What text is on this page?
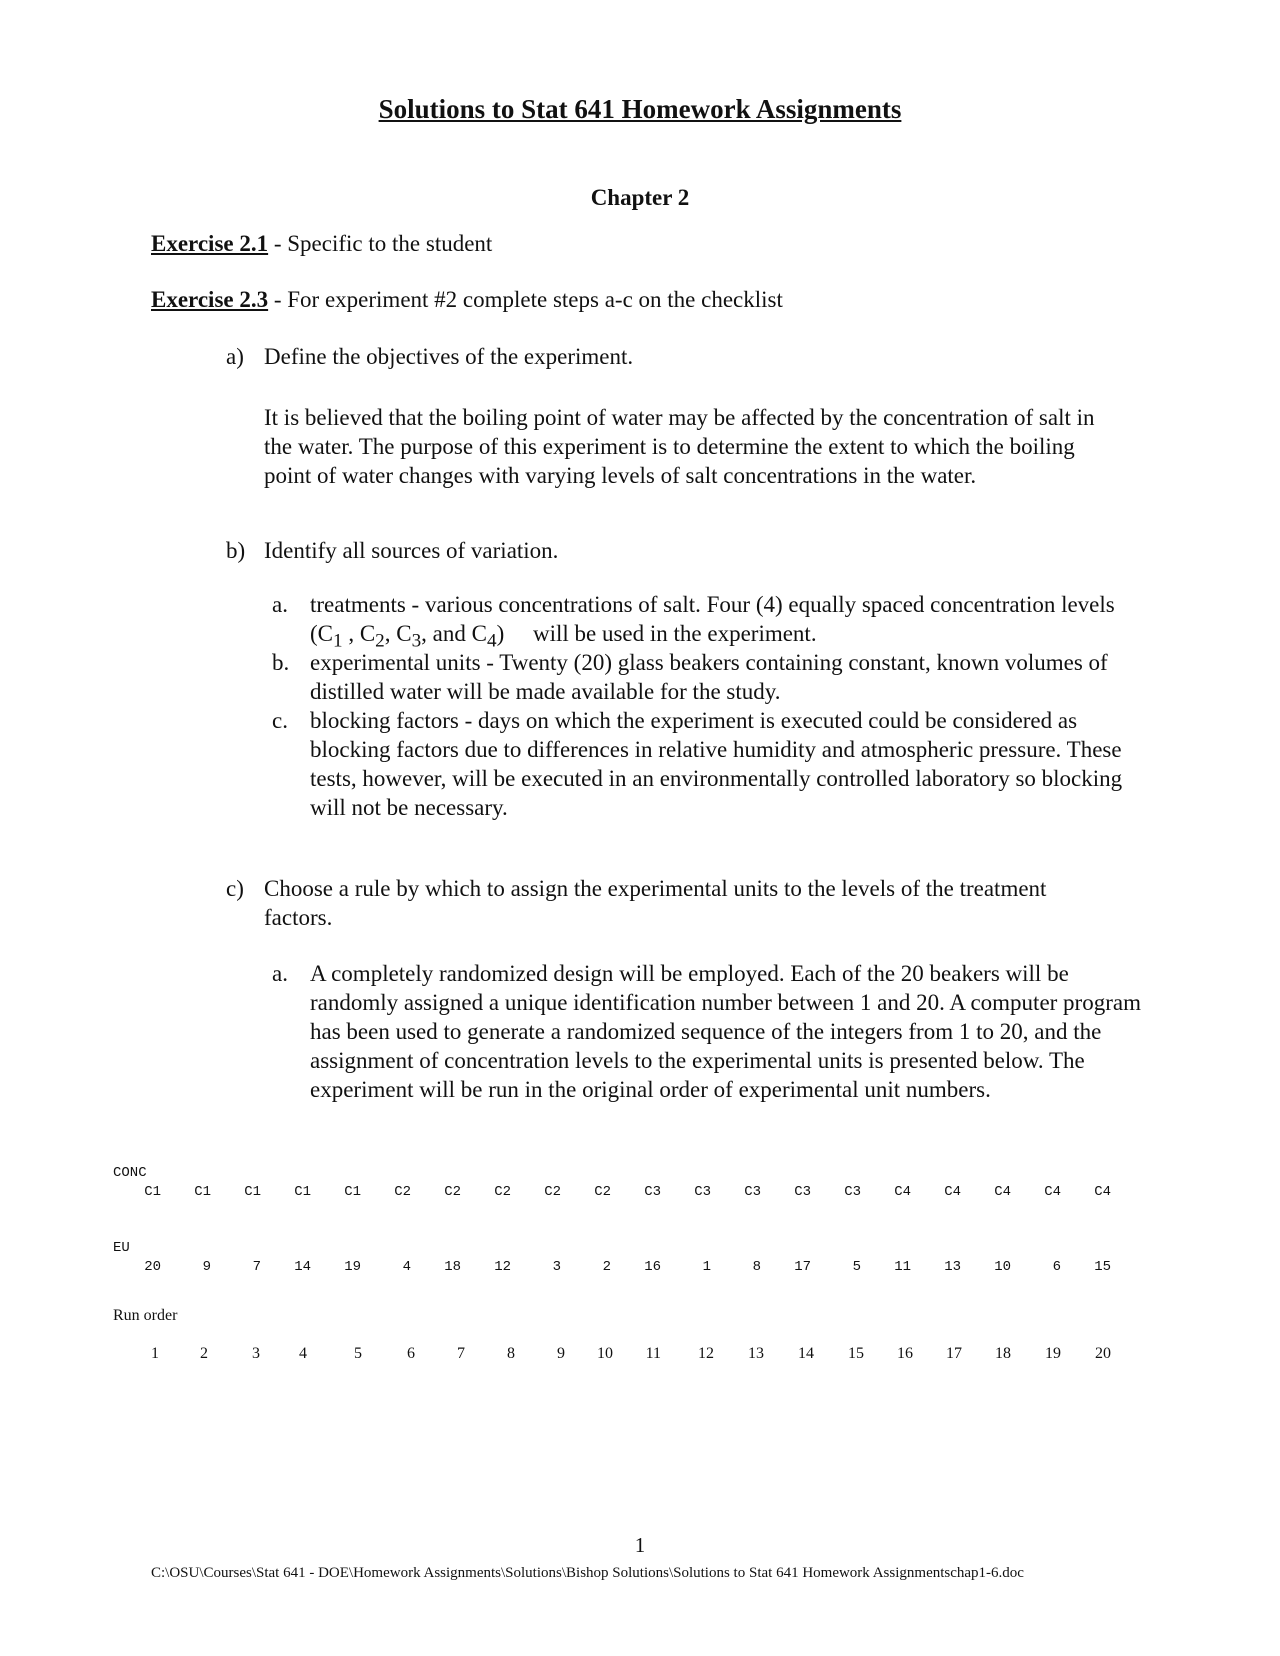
Solutions to Stat 641 Homework Assignments
Chapter 2
Exercise 2.1 - Specific to the student
Exercise 2.3 - For experiment #2 complete steps a-c on the checklist
a) Define the objectives of the experiment.
It is believed that the boiling point of water may be affected by the concentration of salt in the water. The purpose of this experiment is to determine the extent to which the boiling point of water changes with varying levels of salt concentrations in the water.
b) Identify all sources of variation.
a. treatments - various concentrations of salt. Four (4) equally spaced concentration levels ($C_1$ , $C_2$, $C_3$, and $C_4$)     will be used in the experiment.
b. experimental units - Twenty (20) glass beakers containing constant, known volumes of distilled water will be made available for the study.
c. blocking factors - days on which the experiment is executed could be considered as blocking factors due to differences in relative humidity and atmospheric pressure. These tests, however, will be executed in an environmentally controlled laboratory so blocking will not be necessary.
c) Choose a rule by which to assign the experimental units to the levels of the treatment factors.
a. A completely randomized design will be employed. Each of the 20 beakers will be randomly assigned a unique identification number between 1 and 20. A computer program has been used to generate a randomized sequence of the integers from 1 to 20, and the assignment of concentration levels to the experimental units is presented below. The experiment will be run in the original order of experimental unit numbers.
CONC
C1	C1	C1	C1	C1	C2	C2	C2	C2	C2	C3	C3	C3	C3	C3	C4	C4	C4	C4	C4
EU
20	9	7	14	19	4	18	12	3	2	16	1	8	17	5	11	13	10	6	15
Run order
1	2	3	4	5	6	7	8	9	10	11	12	13	14	15	16	17	18	19	20
1
C:\OSU\Courses\Stat 641 - DOE\Homework Assignments\Solutions\Bishop Solutions\Solutions to Stat 641 Homework Assignmentschap1-6.doc
